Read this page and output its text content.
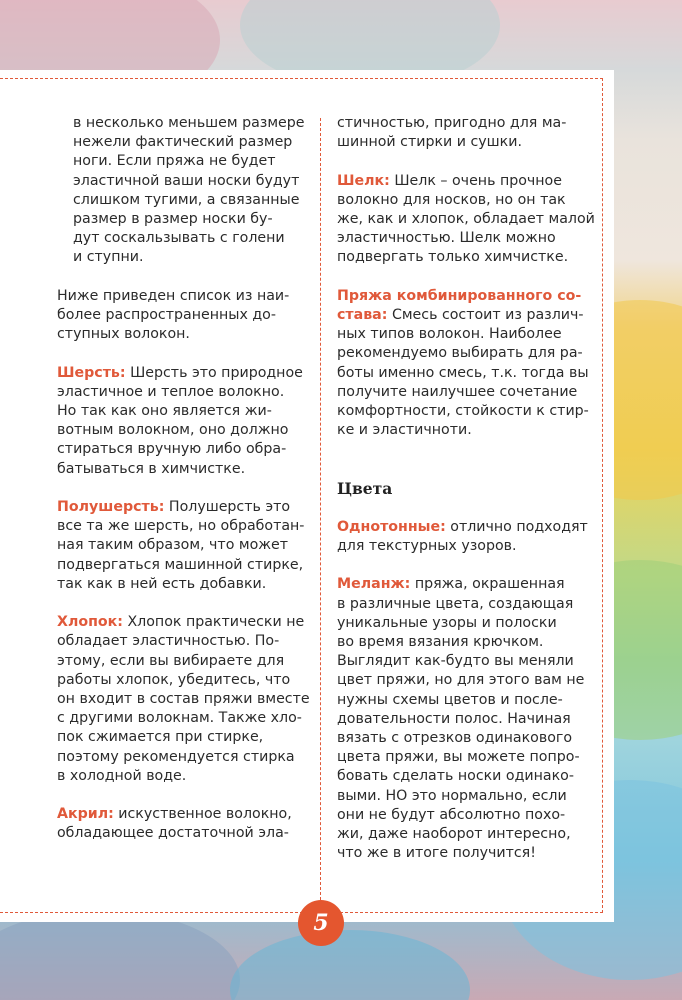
в несколько меньшем размере
нежели фактический размер
ноги. Если пряжа не будет
эластичной ваши носки будут
слишком тугими, а связанные
размер в размер носки бу-
дут соскальзывать с голени
и ступни.

Ниже приведен список из наи-
более распространенных до-
ступных волокон.

Шерсть: Шерсть это природное
эластичное и теплое волокно.
Но так как оно является жи-
вотным волокном, оно должно
стираться вручную либо обра-
батываться в химчистке.

Полушерсть: Полушерсть это
все та же шерсть, но обработан-
ная таким образом, что может
подвергаться машинной стирке,
так как в ней есть добавки.

Хлопок: Хлопок практически не
обладает эластичностью. По-
этому, если вы вибираете для
работы хлопок, убедитесь, что
он входит в состав пряжи вместе
с другими волокнам. Также хло-
пок сжимается при стирке,
поэтому рекомендуется стирка
в холодной воде.

Акрил: искуственное волокно,
обладающее достаточной эла-

стичностью, пригодно для ма-
шинной стирки и сушки.

Шелк: Шелк – очень прочное
волокно для носков, но он так
же, как и хлопок, обладает малой
эластичностью. Шелк можно
подвергать только химчистке.

Пряжа комбинированного со-
става: Смесь состоит из различ-
ных типов волокон. Наиболее
рекомендуемо выбирать для ра-
боты именно смесь, т.к. тогда вы
получите наилучшее сочетание
комфортности, стойкости к стир-
ке и эластичноти.

Цвета

Однотонные: отлично подходят
для текстурных узоров.

Меланж: пряжа, окрашенная
в различные цвета, создающая
уникальные узоры и полоски
во время вязания крючком.
Выглядит как-будто вы меняли
цвет пряжи, но для этого вам не
нужны схемы цветов и после-
довательности полос. Начиная
вязать с отрезков одинакового
цвета пряжи, вы можете попро-
бовать сделать носки одинако-
выми. НО это нормально, если
они не будут абсолютно похо-
жи, даже наоборот интересно,
что же в итоге получится!

5
